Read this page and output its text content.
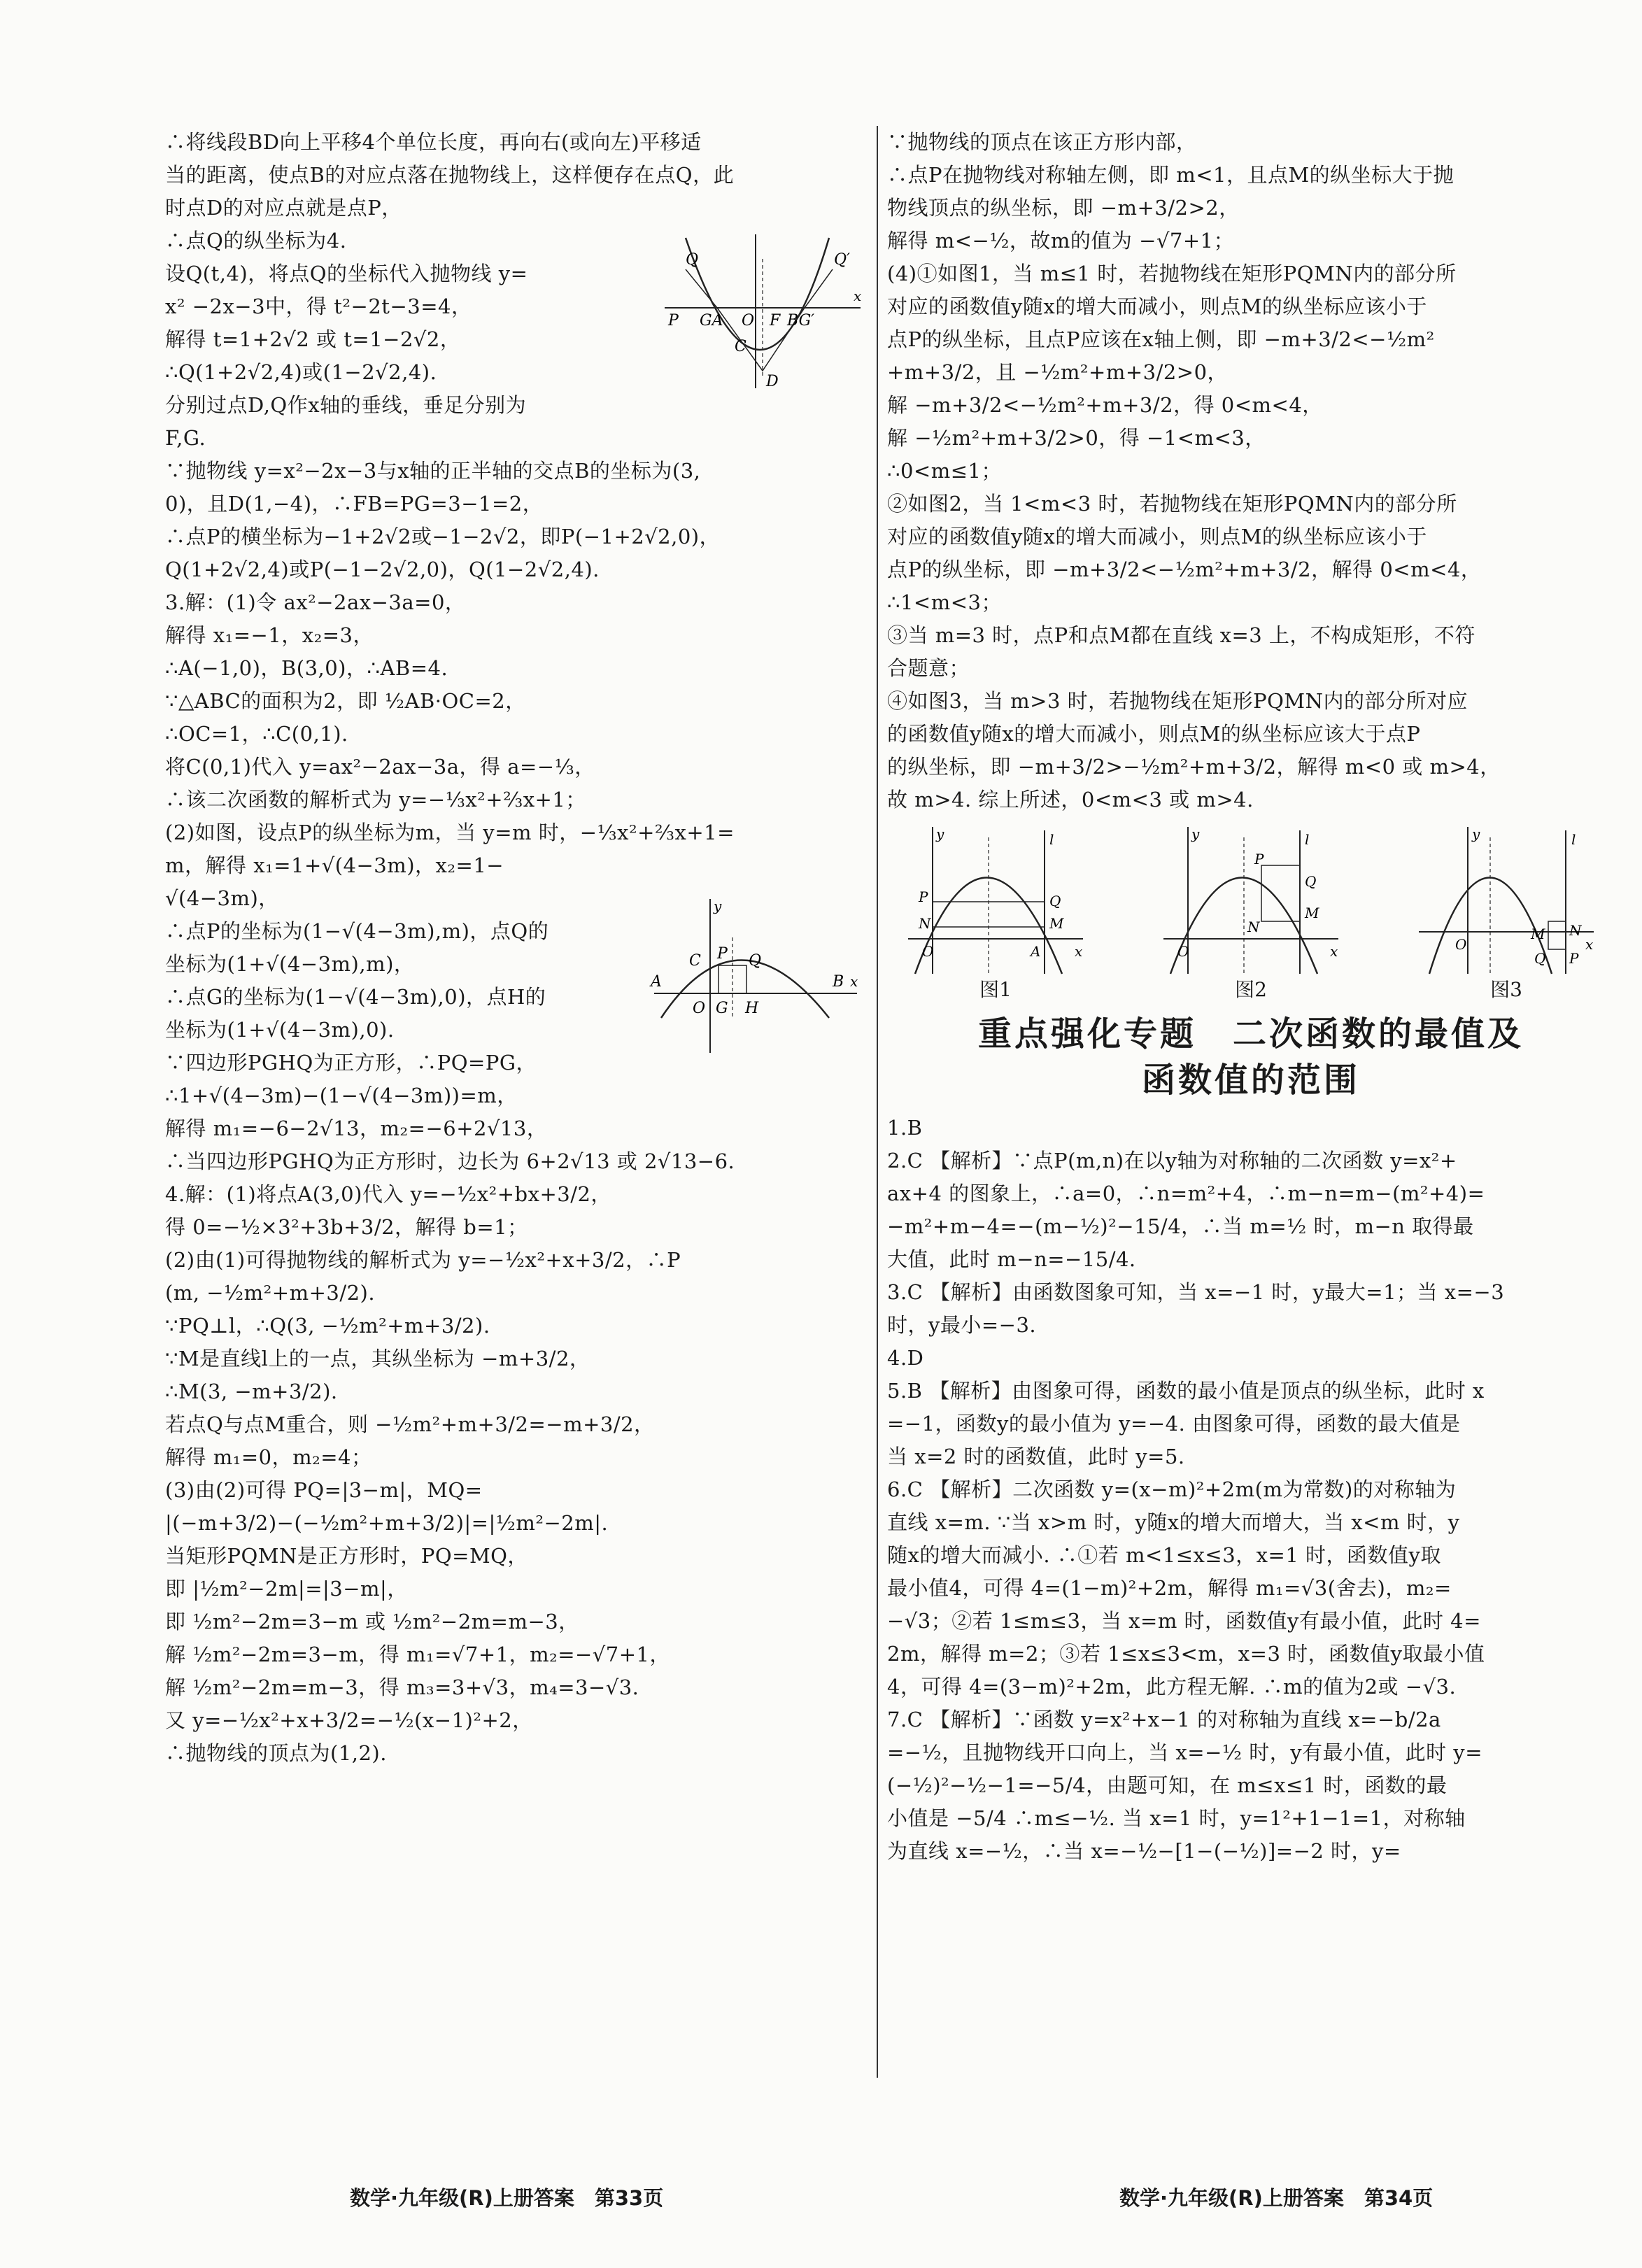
∴将线段BD向上平移4个单位长度，再向右(或向左)平移适
当的距离，使点B的对应点落在抛物线上，这样便存在点Q，此
时点D的对应点就是点P，
∴点Q的纵坐标为4.
设Q(t,4)，将点Q的坐标代入抛物线 y=
x² −2x−3中，得 t²−2t−3=4，
解得 t=1+2√2 或 t=1−2√2，
∴Q(1+2√2,4)或(1−2√2,4).
分别过点D,Q作x轴的垂线，垂足分别为
F,G.
∵抛物线 y=x²−2x−3与x轴的正半轴的交点B的坐标为(3,
0)，且D(1,−4)，∴FB=PG=3−1=2，
∴点P的横坐标为−1+2√2或−1−2√2，即P(−1+2√2,0)，
Q(1+2√2,4)或P(−1−2√2,0)，Q(1−2√2,4).
3.解：(1)令 ax²−2ax−3a=0，
解得 x₁=−1，x₂=3，
∴A(−1,0)，B(3,0)，∴AB=4.
∵△ABC的面积为2，即 ½AB·OC=2，
∴OC=1，∴C(0,1).
将C(0,1)代入 y=ax²−2ax−3a，得 a=−⅓，
∴该二次函数的解析式为 y=−⅓x²+⅔x+1；
(2)如图，设点P的纵坐标为m，当 y=m 时，−⅓x²+⅔x+1=
m，解得 x₁=1+√(4−3m)，x₂=1−
√(4−3m)，
∴点P的坐标为(1−√(4−3m),m)，点Q的
坐标为(1+√(4−3m),m)，
∴点G的坐标为(1−√(4−3m),0)，点H的
坐标为(1+√(4−3m),0).
∵四边形PGHQ为正方形，∴PQ=PG，
∴1+√(4−3m)−(1−√(4−3m))=m，
解得 m₁=−6−2√13，m₂=−6+2√13，
∴当四边形PGHQ为正方形时，边长为 6+2√13 或 2√13−6.
4.解：(1)将点A(3,0)代入 y=−½x²+bx+3/2，
得 0=−½×3²+3b+3/2，解得 b=1；
(2)由(1)可得抛物线的解析式为 y=−½x²+x+3/2，∴P
(m, −½m²+m+3/2).
∵PQ⊥l，∴Q(3, −½m²+m+3/2).
∵M是直线l上的一点，其纵坐标为 −m+3/2，
∴M(3, −m+3/2).
若点Q与点M重合，则 −½m²+m+3/2=−m+3/2，
解得 m₁=0，m₂=4；
(3)由(2)可得 PQ=|3−m|，MQ=
|(−m+3/2)−(−½m²+m+3/2)|=|½m²−2m|.
当矩形PQMN是正方形时，PQ=MQ，
即 |½m²−2m|=|3−m|，
即 ½m²−2m=3−m 或 ½m²−2m=m−3，
解 ½m²−2m=3−m，得 m₁=√7+1，m₂=−√7+1，
解 ½m²−2m=m−3，得 m₃=3+√3，m₄=3−√3.
又 y=−½x²+x+3/2=−½(x−1)²+2，
∴抛物线的顶点为(1,2).
Q	Q′
P GA O F BG′
C
D
x
A
C P Q
B
O G H
y
x
∵抛物线的顶点在该正方形内部，
∴点P在抛物线对称轴左侧，即 m<1，且点M的纵坐标大于抛
物线顶点的纵坐标，即 −m+3/2>2，
解得 m<−½，故m的值为 −√7+1；
(4)①如图1，当 m≤1 时，若抛物线在矩形PQMN内的部分所
对应的函数值y随x的增大而减小，则点M的纵坐标应该小于
点P的纵坐标，且点P应该在x轴上侧，即 −m+3/2<−½m²
+m+3/2，且 −½m²+m+3/2>0，
解 −m+3/2<−½m²+m+3/2，得 0<m<4，
解 −½m²+m+3/2>0，得 −1<m<3，
∴0<m≤1；
②如图2，当 1<m<3 时，若抛物线在矩形PQMN内的部分所
对应的函数值y随x的增大而减小，则点M的纵坐标应该小于
点P的纵坐标，即 −m+3/2<−½m²+m+3/2，解得 0<m<4，
∴1<m<3；
③当 m=3 时，点P和点M都在直线 x=3 上，不构成矩形，不符
合题意；
④如图3，当 m>3 时，若抛物线在矩形PQMN内的部分所对应
的函数值y随x的增大而减小，则点M的纵坐标应该大于点P
的纵坐标，即 −m+3/2>−½m²+m+3/2，解得 m<0 或 m>4，
故 m>4. 综上所述，0<m<3 或 m>4.
P	Q
M
N
O	A
l
y
x
图1
P
Q
M
N
O
l
y
x
图2
M N
P
Q
O
l
y
x
图3
重点强化专题　二次函数的最值及
函数值的范围
1.B
2.C 【解析】∵点P(m,n)在以y轴为对称轴的二次函数 y=x²+
ax+4 的图象上，∴a=0，∴n=m²+4，∴m−n=m−(m²+4)=
−m²+m−4=−(m−½)²−15/4，∴当 m=½ 时，m−n 取得最
大值，此时 m−n=−15/4.
3.C 【解析】由函数图象可知，当 x=−1 时，y最大=1；当 x=−3
时，y最小=−3.
4.D
5.B 【解析】由图象可得，函数的最小值是顶点的纵坐标，此时 x
=−1，函数y的最小值为 y=−4. 由图象可得，函数的最大值是
当 x=2 时的函数值，此时 y=5.
6.C 【解析】二次函数 y=(x−m)²+2m(m为常数)的对称轴为
直线 x=m. ∵当 x>m 时，y随x的增大而增大，当 x<m 时，y
随x的增大而减小. ∴①若 m<1≤x≤3，x=1 时，函数值y取
最小值4，可得 4=(1−m)²+2m，解得 m₁=√3(舍去)，m₂=
−√3；②若 1≤m≤3，当 x=m 时，函数值y有最小值，此时 4=
2m，解得 m=2；③若 1≤x≤3<m，x=3 时，函数值y取最小值
4，可得 4=(3−m)²+2m，此方程无解. ∴m的值为2或 −√3.
7.C 【解析】∵函数 y=x²+x−1 的对称轴为直线 x=−b/2a
=−½，且抛物线开口向上，当 x=−½ 时，y有最小值，此时 y=
(−½)²−½−1=−5/4，由题可知，在 m≤x≤1 时，函数的最
小值是 −5/4 ∴m≤−½. 当 x=1 时，y=1²+1−1=1，对称轴
为直线 x=−½，∴当 x=−½−[1−(−½)]=−2 时，y=
数学·九年级(R)上册答案　第33页	数学·九年级(R)上册答案　第34页
